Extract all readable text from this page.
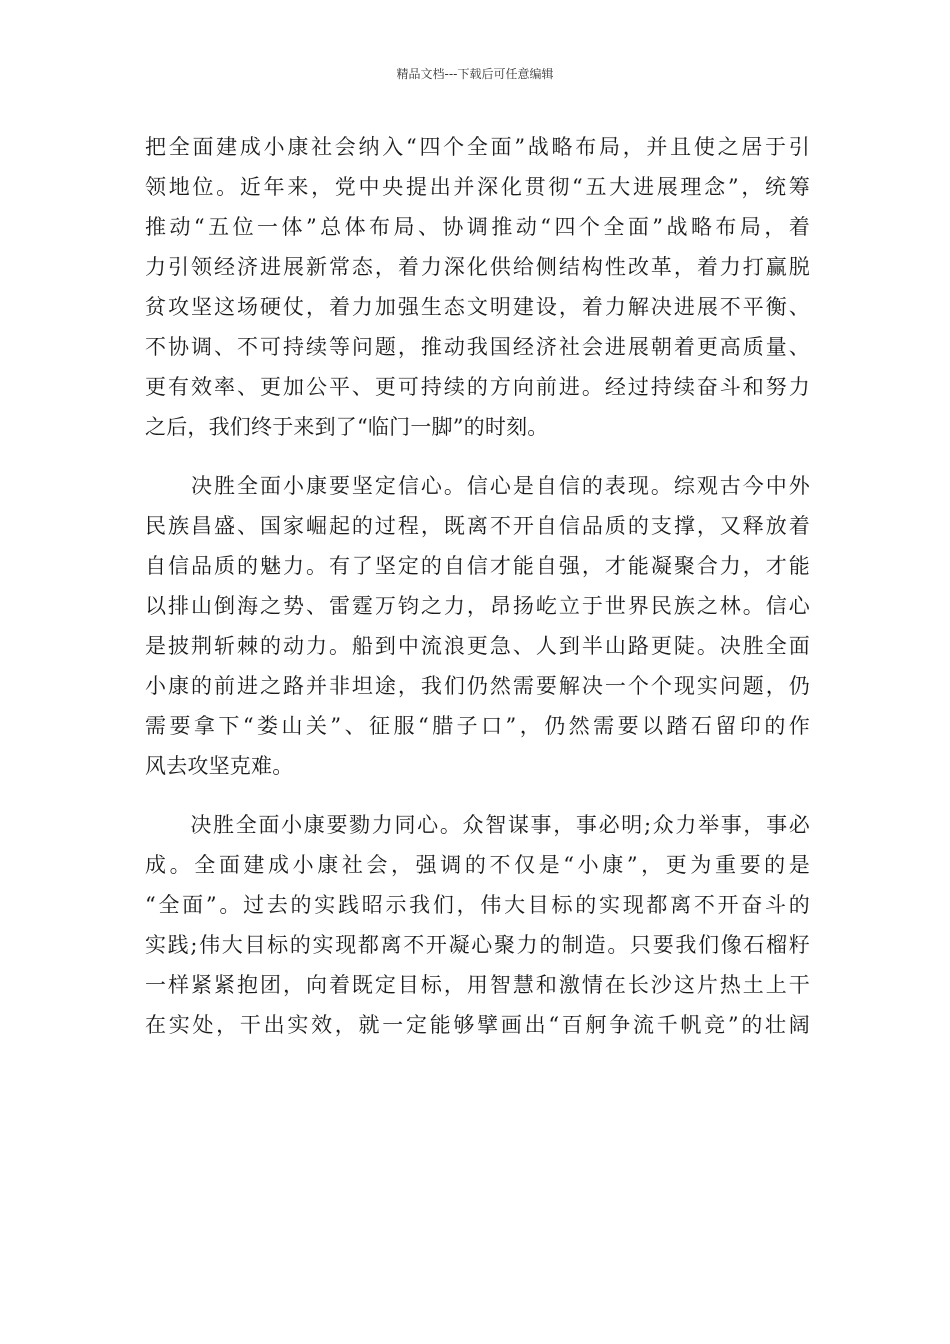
精品文档---下载后可任意编辑
把全面建成小康社会纳入“四个全面”战略布局，并且使之居于引
领地位。近年来，党中央提出并深化贯彻“五大进展理念”，统筹
推动“五位一体”总体布局、协调推动“四个全面”战略布局，着
力引领经济进展新常态，着力深化供给侧结构性改革，着力打赢脱
贫攻坚这场硬仗，着力加强生态文明建设，着力解决进展不平衡、
不协调、不可持续等问题，推动我国经济社会进展朝着更高质量、
更有效率、更加公平、更可持续的方向前进。经过持续奋斗和努力
之后，我们终于来到了“临门一脚”的时刻。
　　决胜全面小康要坚定信心。信心是自信的表现。综观古今中外
民族昌盛、国家崛起的过程，既离不开自信品质的支撑，又释放着
自信品质的魅力。有了坚定的自信才能自强，才能凝聚合力，才能
以排山倒海之势、雷霆万钧之力，昂扬屹立于世界民族之林。信心
是披荆斩棘的动力。船到中流浪更急、人到半山路更陡。决胜全面
小康的前进之路并非坦途，我们仍然需要解决一个个现实问题，仍
需要拿下“娄山关”、征服“腊子口”，仍然需要以踏石留印的作
风去攻坚克难。
　　决胜全面小康要勠力同心。众智谋事，事必明;众力举事，事必
成。全面建成小康社会，强调的不仅是“小康”，更为重要的是
“全面”。过去的实践昭示我们，伟大目标的实现都离不开奋斗的
实践;伟大目标的实现都离不开凝心聚力的制造。只要我们像石榴籽
一样紧紧抱团，向着既定目标，用智慧和激情在长沙这片热土上干
在实处，干出实效，就一定能够擘画出“百舸争流千帆竞”的壮阔
